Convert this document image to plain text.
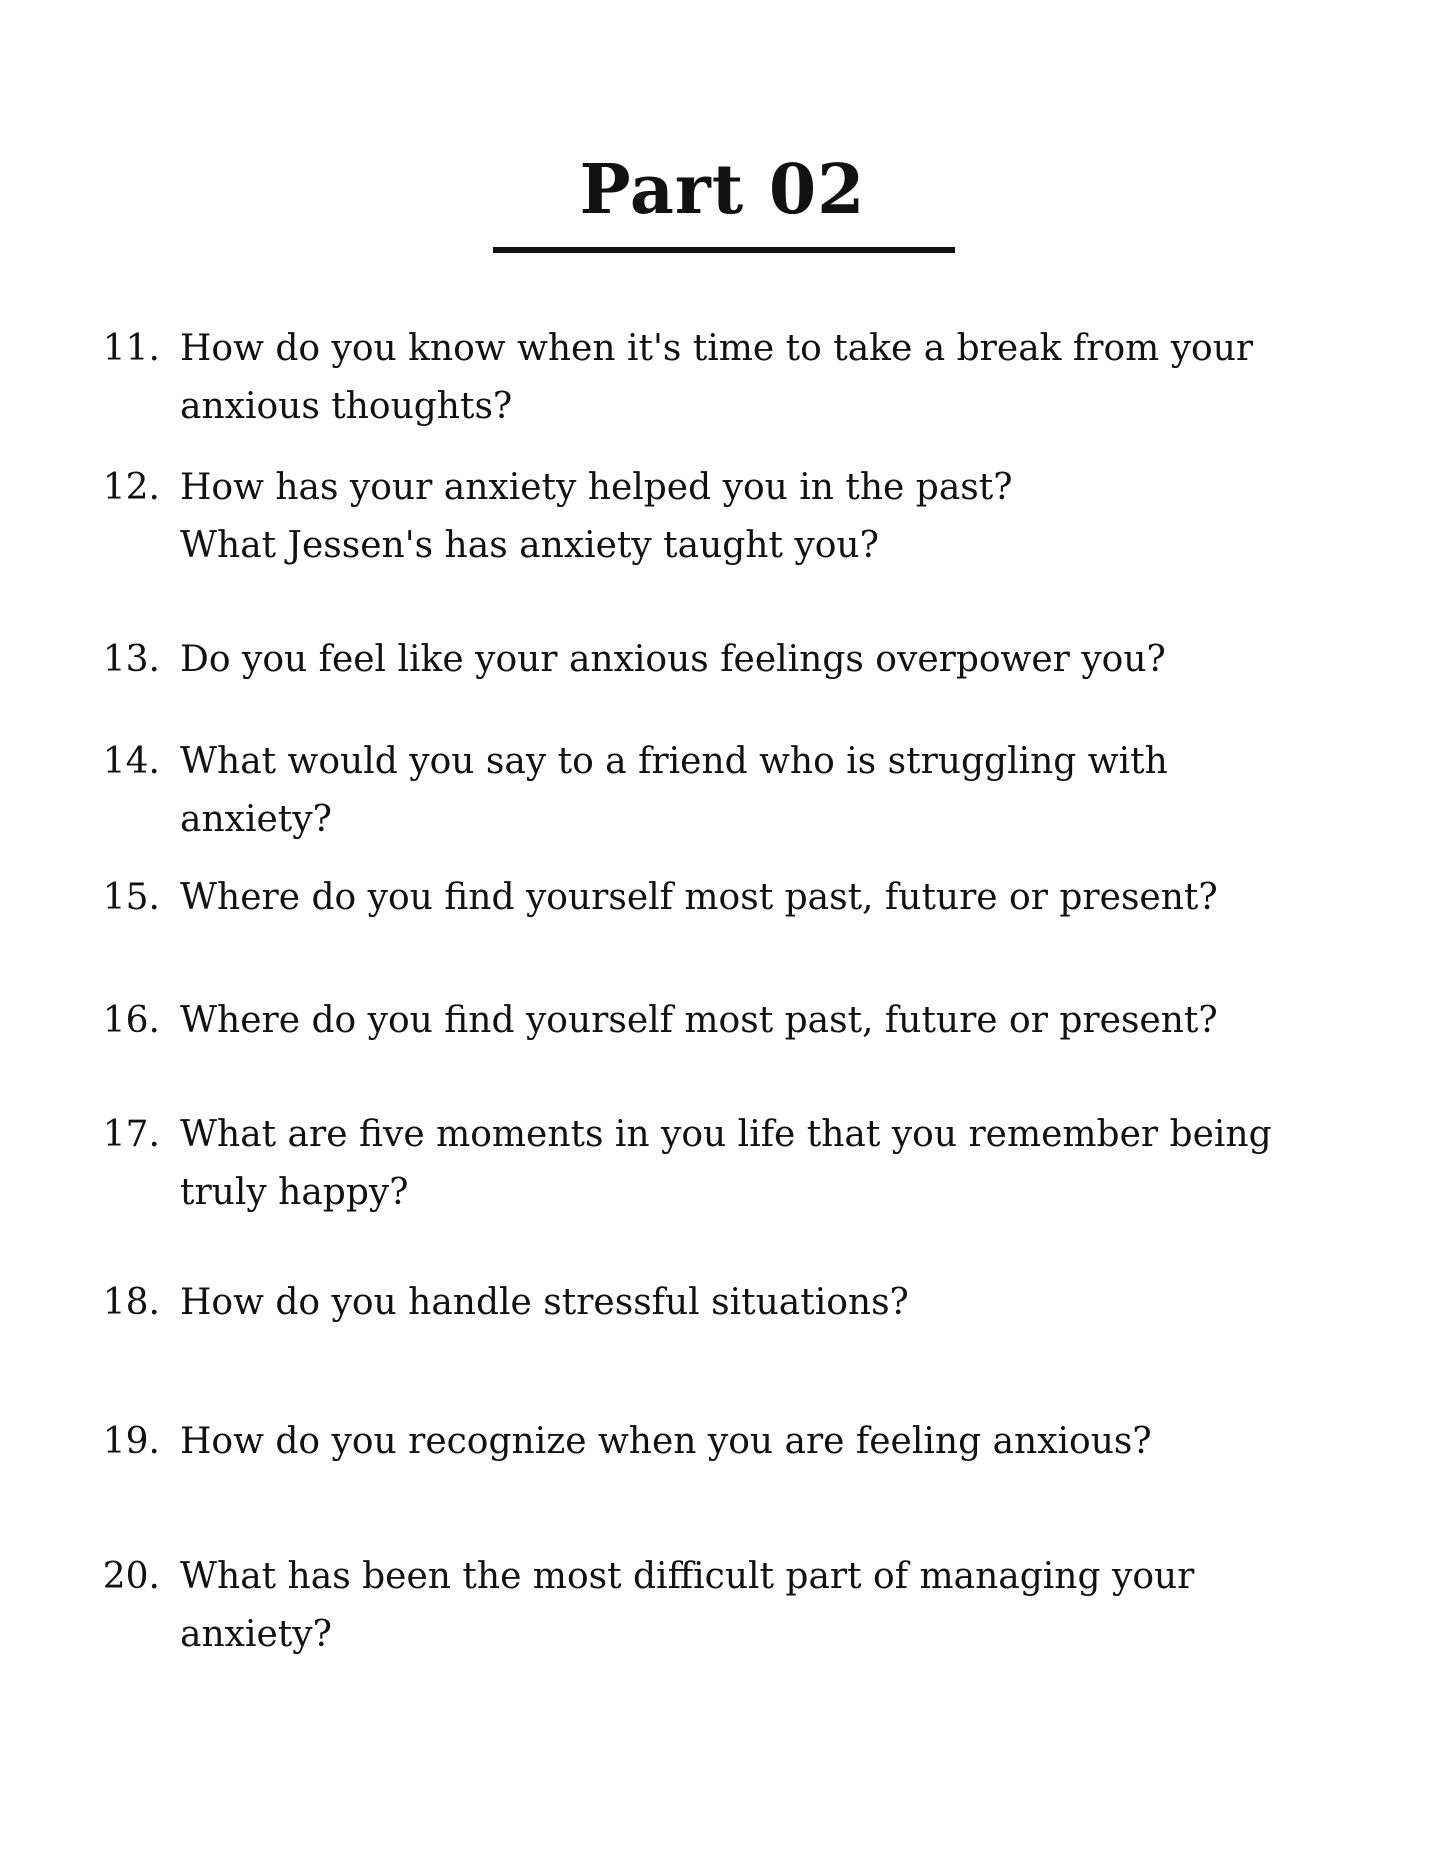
Part 02
11. How do you know when it's time to take a break from your
anxious thoughts?
12. How has your anxiety helped you in the past?
What Jessen's has anxiety taught you?
13. Do you feel like your anxious feelings overpower you?
14. What would you say to a friend who is struggling with
anxiety?
15. Where do you find yourself most past, future or present?
16. Where do you find yourself most past, future or present?
17. What are five moments in you life that you remember being
truly happy?
18. How do you handle stressful situations?
19. How do you recognize when you are feeling anxious?
20. What has been the most difficult part of managing your
anxiety?
